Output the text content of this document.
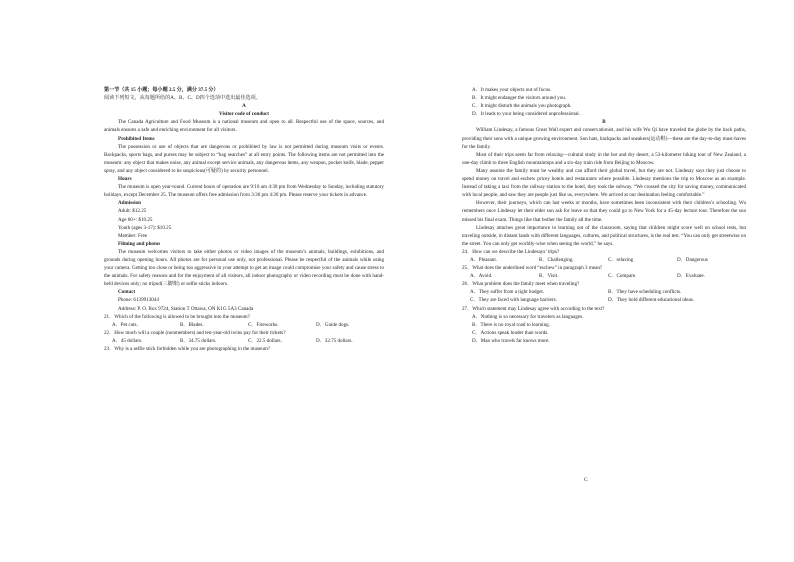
第一节（共 15 小题；每小题 2.5 分，满分 37.5 分）

阅读下列短文，从每题所给的A、B、C、D四个选项中选出最佳选项。

A

Visitor code of conduct

The Canada Agriculture and Food Museum is a national museum and open to all. Respectful use of the space, sources, and animals ensures a safe and enriching environment for all visitors.

Prohibited Items

The possession or use of objects that are dangerous or prohibited by law is not permitted during museum visits or events. Backpacks, sports bags, and purses may be subject to “bag searches” at all entry points. The following items are not permitted into the museum: any object that makes noise, any animal except service animals, any dangerous items, any weapon, pocket knife, blade, pepper spray, and any object considered to be suspicious(可疑的) by security personnel.

Hours

The museum is open year-round. Current hours of operation are 9:10 am 4:30 pm from Wednesday to Sunday, including statutory holidays, except December 25. The museum offers free admission from 3:30 pm 4:30 pm. Please reserve your tickets in advance.

Admission

Adult: $12.25

Age 60+: $10.25

Youth (ages 3-17): $10.25

Member: Free

Filming and photos

The museum welcomes visitors to take either photos or video images of the museum’s animals, buildings, exhibitions, and grounds during opening hours. All photos are for personal use only, not professional. Please be respectful of the animals while using your camera. Getting too close or being too aggressive in your attempt to get an image could compromise your safety and cause stress to the animals. For safety reasons and for the enjoyment of all visitors, all indoor photography or video recording must be done with hand-held devices only; no tripod(三脚架) or selfie sticks indoors.

Contact

Phone: 6139913044

Address: P. O. Box 9724, Station T Ottawa, ON K1G 5A3 Canada

21．Which of the following is allowed to be brought into the museum?

A．Pet cats.	B．Blades.	C．Fireworks.	D．Guide dogs.

22．How much will a couple (nonmembers) and ten-year-old twins pay for their tickets?

A．45 dollars.	B．34.75 dollars.	C．22.5 dollars.	D．32.75 dollars.

23．Why is a selfie stick forbidden while you are photographing in the museum?

A．It makes your objects out of focus.

B．It might endanger the visitors around you.

C．It might disturb the animals you photograph.

D．It leads to your being considered unprofessional.

B

William Lindesay, a famous Great Wall expert and conservationist, and his wife Wu Qi have traveled the globe by the back paths, providing their sons with a unique growing environment. Sun hats, backpacks and sneakers(运动鞋)—these are the day-to-day must-haves for the family.

Most of their trips seem far from relaxing—cultural study in the hot and dry desert, a 53-kilometer hiking tour of New Zealand, a one-day climb to three English mountaintops and a six-day train ride from Beijing to Moscow.

Many assume the family must be wealthy and can afford their global travel, but they are not. Lindesay says they just choose to spend money on travel and eschew pricey hotels and restaurants where possible. Lindesay mentions the trip to Moscow as an example. Instead of taking a taxi from the railway station to the hotel, they took the subway. “We crossed the city for saving money, communicated with local people, and saw they are people just like us, everywhere. We arrived at our destination feeling comfortable.”

However, their journeys, which can last weeks or months, have sometimes been inconsistent with their children’s schooling. Wu remembers once Lindesay let their elder son ask for leave so that they could go to New York for a 45-day lecture tour. Therefore the son missed his final exam. Things like that bother the family all the time.

Lindesay attaches great importance to learning out of the classroom, saying that children might score well on school tests, but traveling outside, in distant lands with different languages, cultures, and political structures, is the real test. “You can only get streetwise on the street. You can only get worldly-wise when seeing the world,” he says.

24．How can we describe the Lindesays’ trips?

A．Pleasant.	B．Challenging.	C．relaxing	D．Dangerous

25．What does the underlined word “eschew” in paragraph 3 mean?

A．Avoid.	B．Visit.	C．Compare.	D．Evaluate.

26．What problem does the family meet when traveling?

A．They suffer from a tight budget.	B．They have scheduling conflicts.
C．They are faced with language barriers.	D．They hold different educational ideas.

27．Which statement may Lindesay agree with according to the text?

A．Nothing is so necessary for travelers as languages.

B．There is no royal road to learning.

C．Actions speak louder than words.

D．Man who travels far knows more.

C
